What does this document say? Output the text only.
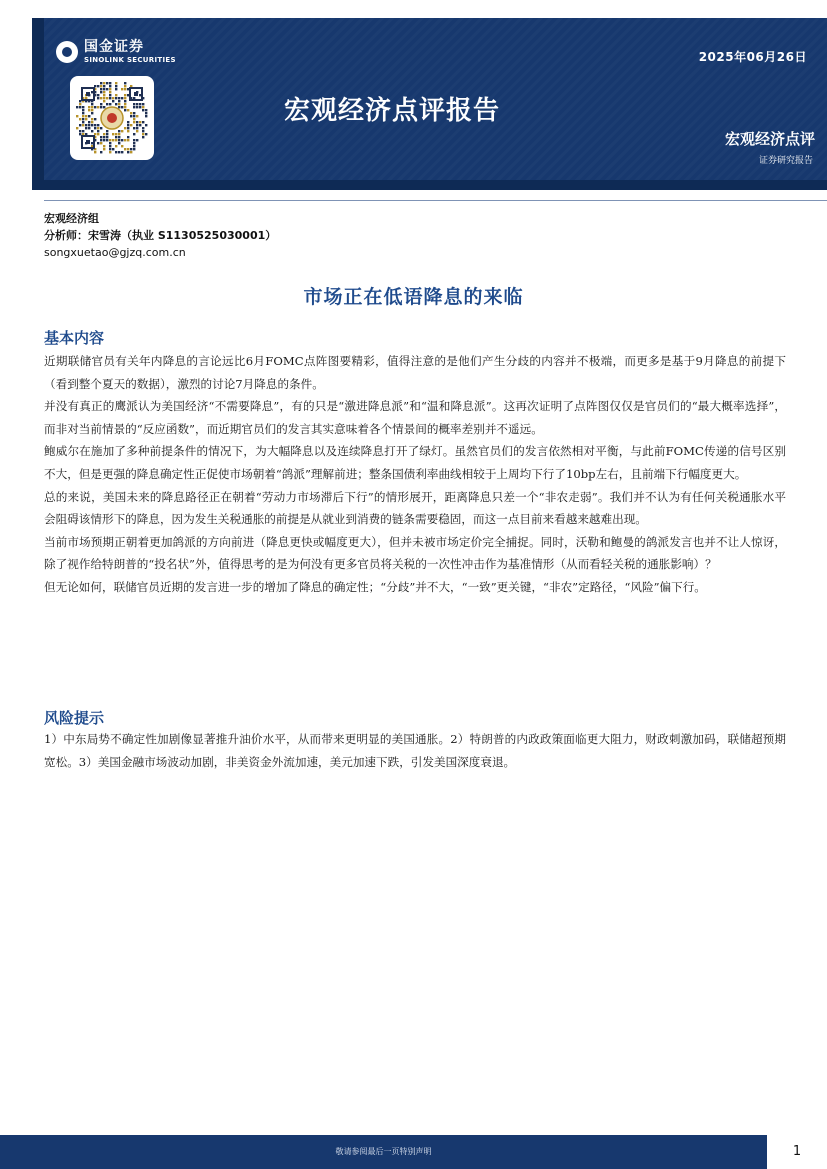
国金证券
SINOLINK SECURITIES	2025年06月26日
宏观经济点评报告
宏观经济点评
证券研究报告
宏观经济组
分析师：宋雪涛（执业 S1130525030001）
songxuetao@gjzq.com.cn
市场正在低语降息的来临
基本内容

近期联储官员有关年内降息的言论远比6月FOMC点阵图要精彩，值得注意的是他们产生分歧的内容并不极端，而更多是基于9月降息的前提下（看到整个夏天的数据），激烈的讨论7月降息的条件。

并没有真正的鹰派认为美国经济“不需要降息”，有的只是“激进降息派”和“温和降息派”。这再次证明了点阵图仅仅是官员们的“最大概率选择”，而非对当前情景的“反应函数”，而近期官员们的发言其实意味着各个情景间的概率差别并不遥远。

鲍威尔在施加了多种前提条件的情况下，为大幅降息以及连续降息打开了绿灯。虽然官员们的发言依然相对平衡，与此前FOMC传递的信号区别不大，但是更强的降息确定性正促使市场朝着“鸽派”理解前进；整条国债利率曲线相较于上周均下行了10bp左右，且前端下行幅度更大。

总的来说，美国未来的降息路径正在朝着“劳动力市场滞后下行”的情形展开，距离降息只差一个“非农走弱”。我们并不认为有任何关税通胀水平会阻碍该情形下的降息，因为发生关税通胀的前提是从就业到消费的链条需要稳固，而这一点目前来看越来越难出现。

当前市场预期正朝着更加鸽派的方向前进（降息更快或幅度更大），但并未被市场定价完全捕捉。同时，沃勒和鲍曼的鸽派发言也并不让人惊讶，除了视作给特朗普的“投名状”外，值得思考的是为何没有更多官员将关税的一次性冲击作为基准情形（从而看轻关税的通胀影响）？

但无论如何，联储官员近期的发言进一步的增加了降息的确定性；“分歧”并不大，“一致”更关键，“非农”定路径，“风险”偏下行。

风险提示

1）中东局势不确定性加剧像显著推升油价水平，从而带来更明显的美国通胀。2）特朗普的内政政策面临更大阻力，财政刺激加码，联储超预期宽松。3）美国金融市场波动加剧，非美资金外流加速，美元加速下跌，引发美国深度衰退。

敬请参阅最后一页特别声明	1
